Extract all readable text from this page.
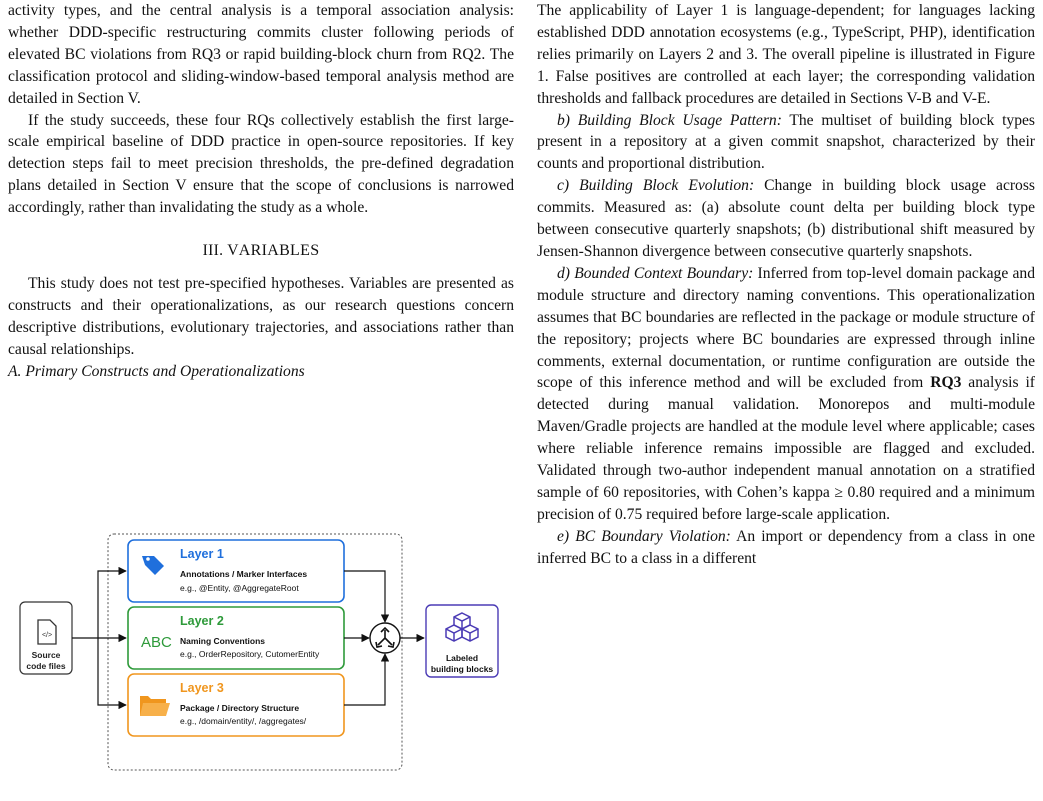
activity types, and the central analysis is a temporal association analysis: whether DDD-specific restructuring commits cluster following periods of elevated BC violations from RQ3 or rapid building-block churn from RQ2. The classification protocol and sliding-window-based temporal analysis method are detailed in Section V.

If the study succeeds, these four RQs collectively establish the first large-scale empirical baseline of DDD practice in open-source repositories. If key detection steps fail to meet precision thresholds, the pre-defined degradation plans detailed in Section V ensure that the scope of conclusions is narrowed accordingly, rather than invalidating the study as a whole.

III. VARIABLES

This study does not test pre-specified hypotheses. Variables are presented as constructs and their operationalizations, as our research questions concern descriptive distributions, evolutionary trajectories, and associations rather than causal relationships.

A. Primary Constructs and Operationalizations

</>
Source
code files
Layer 1
Annotations / Marker Interfaces
e.g., @Entity, @AggregateRoot
ABC
Layer 2
Naming Conventions
e.g., OrderRepository, CutomerEntity
Layer 3
Package / Directory Structure
e.g., /domain/entity/, /aggregates/
Labeled
building blocks

The applicability of Layer 1 is language-dependent; for languages lacking established DDD annotation ecosystems (e.g., TypeScript, PHP), identification relies primarily on Layers 2 and 3. The overall pipeline is illustrated in Figure 1. False positives are controlled at each layer; the corresponding validation thresholds and fallback procedures are detailed in Sections V-B and V-E.

b) Building Block Usage Pattern: The multiset of building block types present in a repository at a given commit snapshot, characterized by their counts and proportional distribution.

c) Building Block Evolution: Change in building block usage across commits. Measured as: (a) absolute count delta per building block type between consecutive quarterly snapshots; (b) distributional shift measured by Jensen-Shannon divergence between consecutive quarterly snapshots.

d) Bounded Context Boundary: Inferred from top-level domain package and module structure and directory naming conventions. This operationalization assumes that BC boundaries are reflected in the package or module structure of the repository; projects where BC boundaries are expressed through inline comments, external documentation, or runtime configuration are outside the scope of this inference method and will be excluded from RQ3 analysis if detected during manual validation. Monorepos and multi-module Maven/Gradle projects are handled at the module level where applicable; cases where reliable inference remains impossible are flagged and excluded. Validated through two-author independent manual annotation on a stratified sample of 60 repositories, with Cohen’s kappa ≥ 0.80 required and a minimum precision of 0.75 required before large-scale application.

e) BC Boundary Violation: An import or dependency from a class in one inferred BC to a class in a different
